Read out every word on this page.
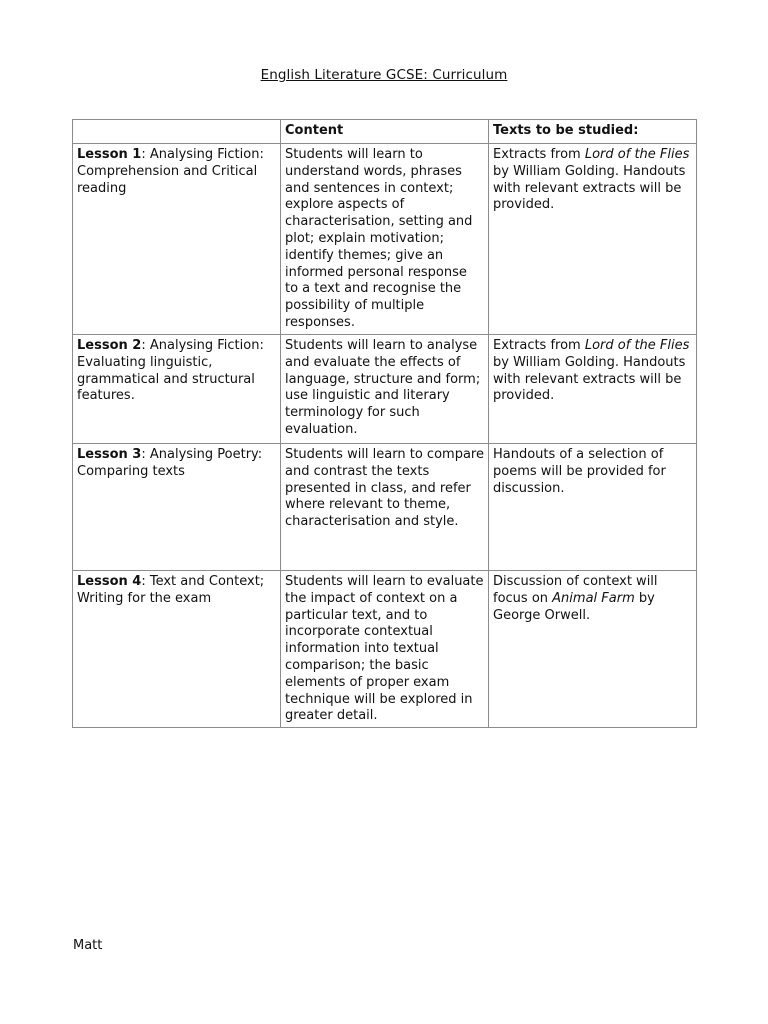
English Literature GCSE: Curriculum
	Content	Texts to be studied:
Lesson 1: Analysing Fiction: Comprehension and Critical reading	Students will learn to understand words, phrases and sentences in context; explore aspects of characterisation, setting and plot; explain motivation; identify themes; give an informed personal response to a text and recognise the possibility of multiple responses.	Extracts from Lord of the Flies by William Golding. Handouts with relevant extracts will be provided.
Lesson 2: Analysing Fiction: Evaluating linguistic, grammatical and structural features.	Students will learn to analyse and evaluate the effects of language, structure and form; use linguistic and literary terminology for such evaluation.	Extracts from Lord of the Flies by William Golding. Handouts with relevant extracts will be provided.
Lesson 3: Analysing Poetry: Comparing texts	Students will learn to compare and contrast the texts presented in class, and refer where relevant to theme, characterisation and style.	Handouts of a selection of poems will be provided for discussion.
Lesson 4: Text and Context; Writing for the exam	Students will learn to evaluate the impact of context on a particular text, and to incorporate contextual information into textual comparison; the basic elements of proper exam technique will be explored in greater detail.	Discussion of context will focus on Animal Farm by George Orwell.
Matt
